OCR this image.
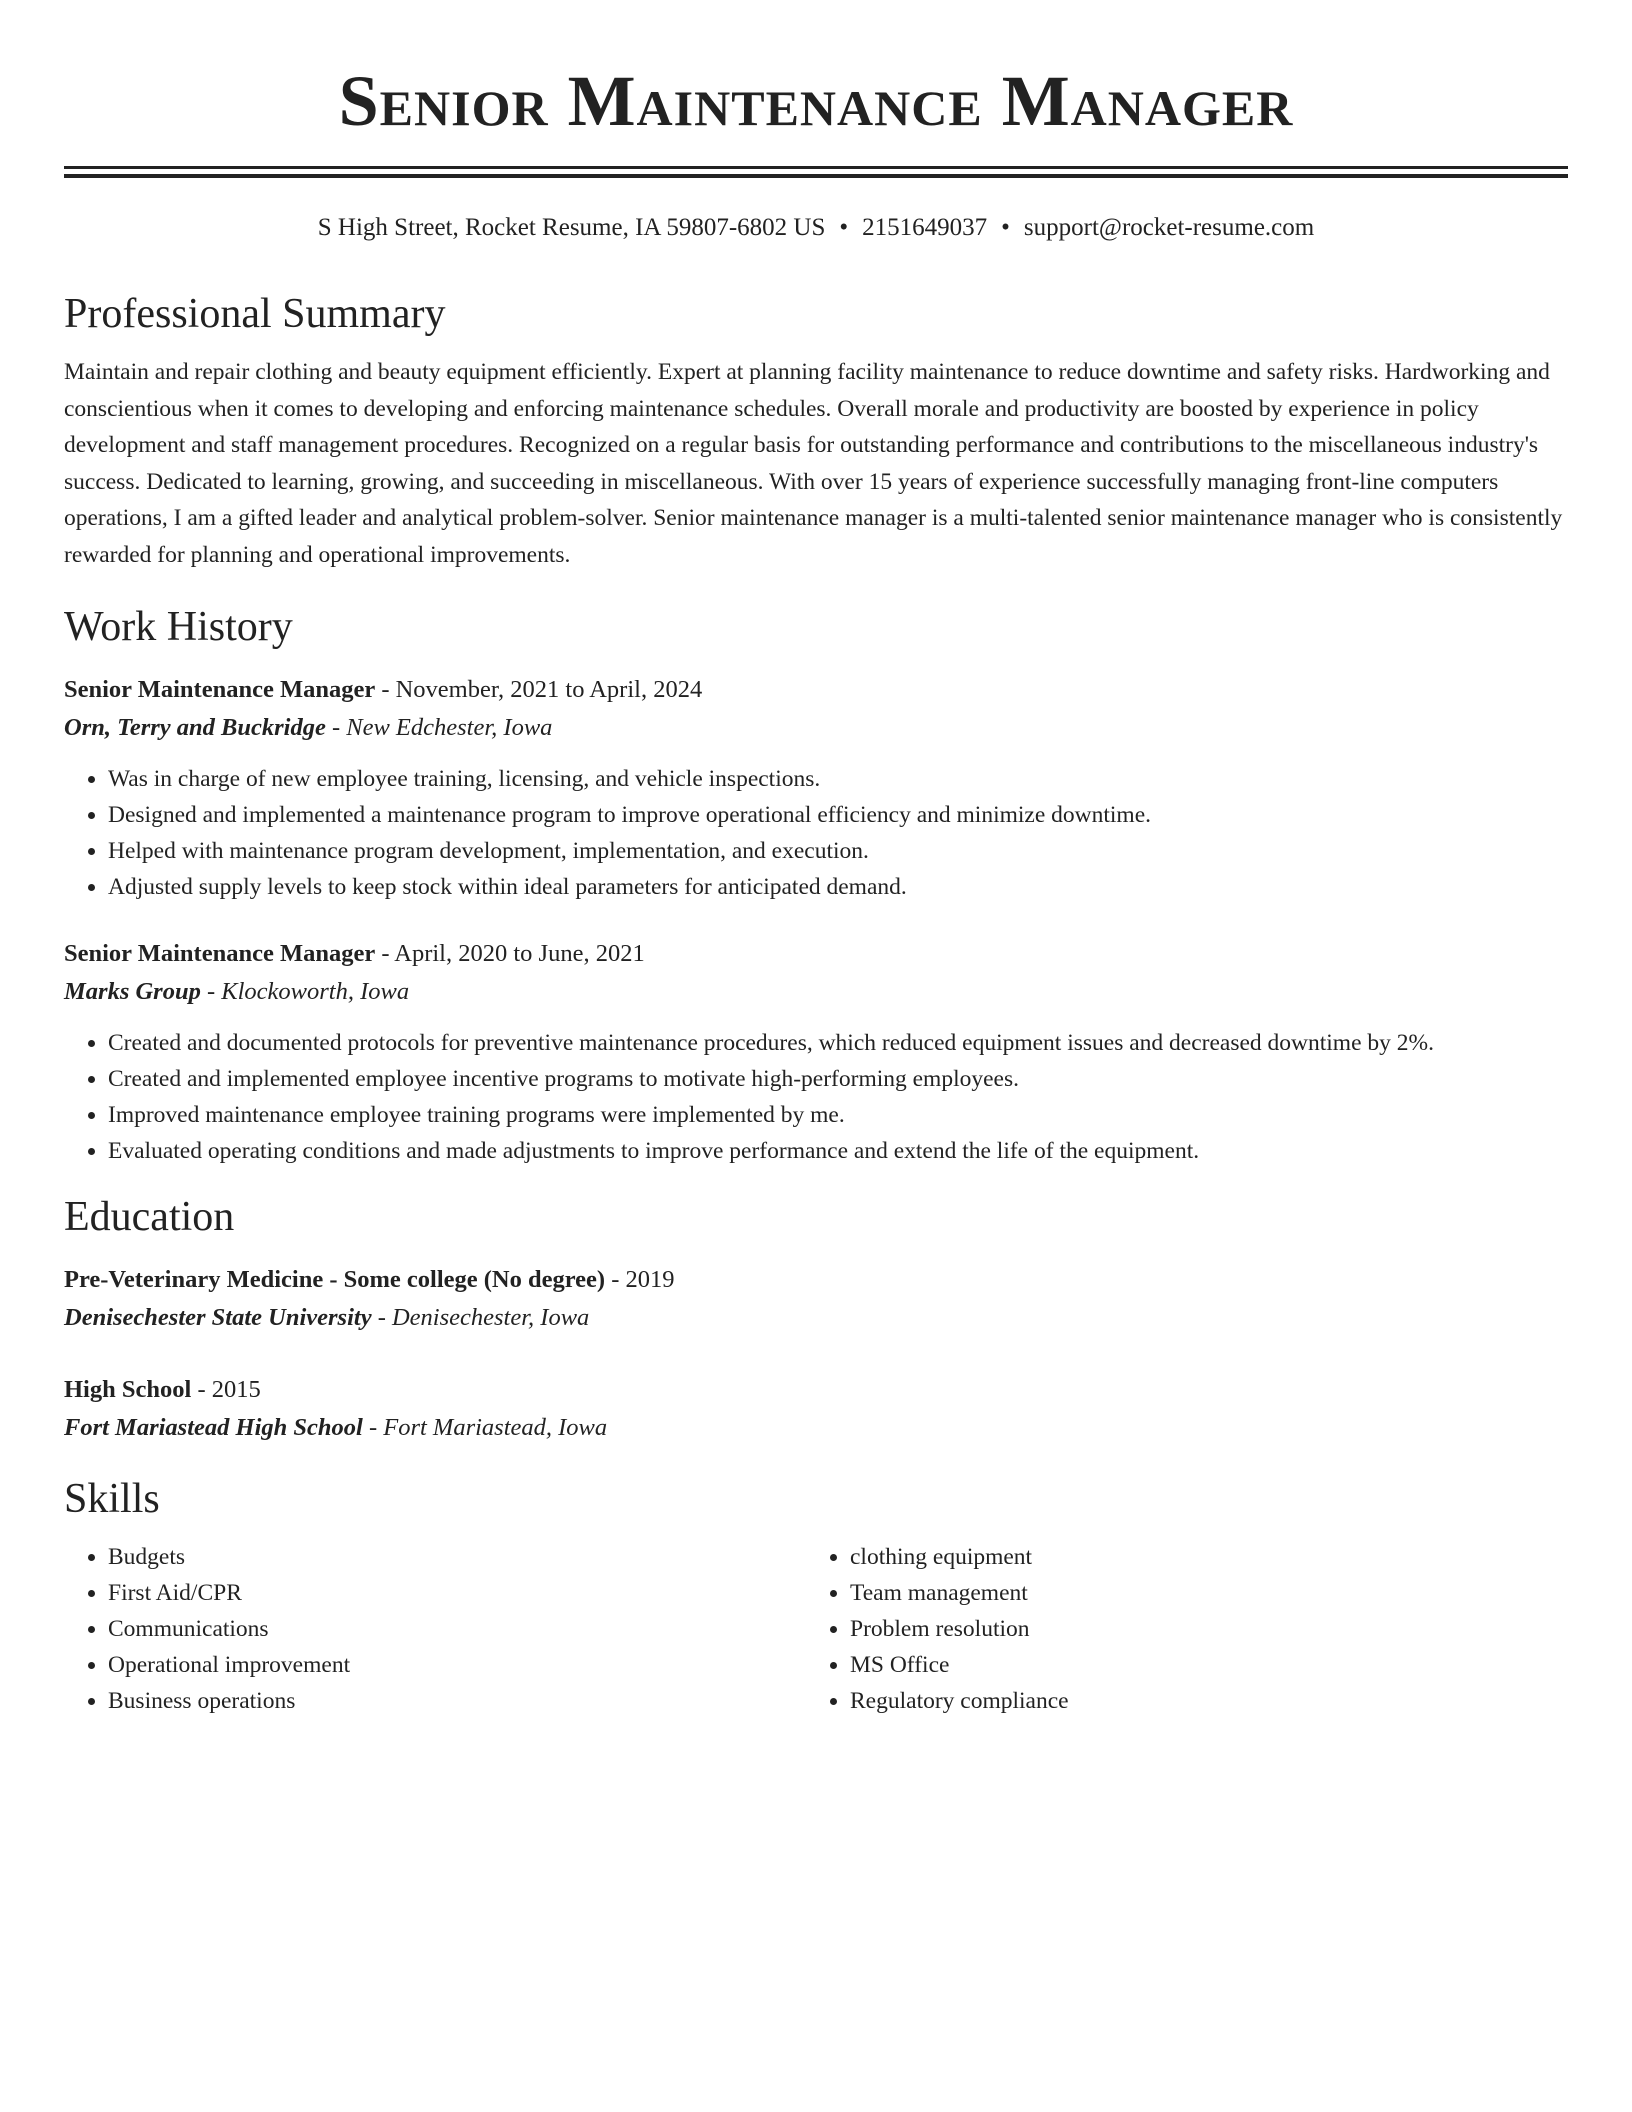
Senior Maintenance Manager
S High Street, Rocket Resume, IA 59807-6802 US • 2151649037 • support@rocket-resume.com
Professional Summary
Maintain and repair clothing and beauty equipment efficiently. Expert at planning facility maintenance to reduce downtime and safety risks. Hardworking and conscientious when it comes to developing and enforcing maintenance schedules. Overall morale and productivity are boosted by experience in policy development and staff management procedures. Recognized on a regular basis for outstanding performance and contributions to the miscellaneous industry's success. Dedicated to learning, growing, and succeeding in miscellaneous. With over 15 years of experience successfully managing front-line computers operations, I am a gifted leader and analytical problem-solver. Senior maintenance manager is a multi-talented senior maintenance manager who is consistently rewarded for planning and operational improvements.
Work History
Senior Maintenance Manager - November, 2021 to April, 2024
Orn, Terry and Buckridge - New Edchester, Iowa
• Was in charge of new employee training, licensing, and vehicle inspections.
• Designed and implemented a maintenance program to improve operational efficiency and minimize downtime.
• Helped with maintenance program development, implementation, and execution.
• Adjusted supply levels to keep stock within ideal parameters for anticipated demand.
Senior Maintenance Manager - April, 2020 to June, 2021
Marks Group - Klockoworth, Iowa
• Created and documented protocols for preventive maintenance procedures, which reduced equipment issues and decreased downtime by 2%.
• Created and implemented employee incentive programs to motivate high-performing employees.
• Improved maintenance employee training programs were implemented by me.
• Evaluated operating conditions and made adjustments to improve performance and extend the life of the equipment.
Education
Pre-Veterinary Medicine - Some college (No degree) - 2019
Denisechester State University - Denisechester, Iowa
High School - 2015
Fort Mariastead High School - Fort Mariastead, Iowa
Skills
• Budgets
• First Aid/CPR
• Communications
• Operational improvement
• Business operations
• clothing equipment
• Team management
• Problem resolution
• MS Office
• Regulatory compliance
